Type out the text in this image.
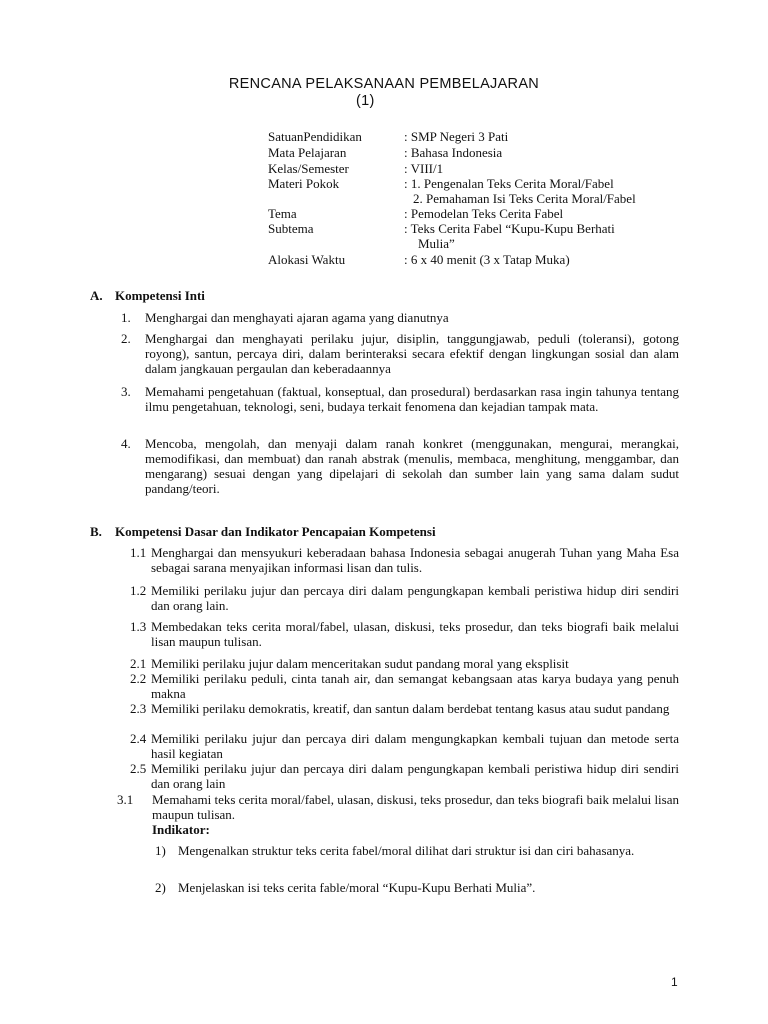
RENCANA PELAKSANAAN PEMBELAJARAN
(1)
SatuanPendidikan	: SMP Negeri 3 Pati
Mata Pelajaran	: Bahasa Indonesia
Kelas/Semester	: VIII/1
Materi Pokok	: 1. Pengenalan Teks Cerita Moral/Fabel
2. Pemahaman Isi Teks Cerita Moral/Fabel
Tema	: Pemodelan Teks Cerita Fabel
Subtema	: Teks Cerita Fabel “Kupu-Kupu Berhati
Mulia”
Alokasi Waktu	: 6 x 40 menit (3 x Tatap Muka)
A. Kompetensi Inti
1. Menghargai dan menghayati ajaran agama yang dianutnya
2. Menghargai dan menghayati perilaku jujur, disiplin, tanggungjawab, peduli (toleransi), gotong royong), santun, percaya diri, dalam berinteraksi secara efektif dengan lingkungan sosial dan alam dalam jangkauan pergaulan dan keberadaannya
3. Memahami pengetahuan (faktual, konseptual, dan prosedural) berdasarkan rasa ingin tahunya tentang ilmu pengetahuan, teknologi, seni, budaya terkait fenomena dan kejadian tampak mata.
4. Mencoba, mengolah, dan menyaji dalam ranah konkret (menggunakan, mengurai, merangkai, memodifikasi, dan membuat) dan ranah abstrak (menulis, membaca, menghitung, menggambar, dan mengarang) sesuai dengan yang dipelajari di sekolah dan sumber lain yang sama dalam sudut pandang/teori.
B. Kompetensi Dasar dan Indikator Pencapaian Kompetensi
1.1 Menghargai dan mensyukuri keberadaan bahasa Indonesia sebagai anugerah Tuhan yang Maha Esa sebagai sarana menyajikan informasi lisan dan tulis.
1.2 Memiliki perilaku jujur dan percaya diri dalam pengungkapan kembali peristiwa hidup diri sendiri dan orang lain.
1.3 Membedakan teks cerita moral/fabel, ulasan, diskusi, teks prosedur, dan teks biografi baik melalui lisan maupun tulisan.
2.1 Memiliki perilaku jujur dalam menceritakan sudut pandang moral yang eksplisit
2.2 Memiliki perilaku peduli, cinta tanah air, dan semangat kebangsaan atas karya budaya yang penuh makna
2.3 Memiliki perilaku demokratis, kreatif, dan santun dalam berdebat tentang kasus atau sudut pandang
2.4 Memiliki perilaku jujur dan percaya diri dalam mengungkapkan kembali tujuan dan metode serta hasil kegiatan
2.5 Memiliki perilaku jujur dan percaya diri dalam pengungkapan kembali peristiwa hidup diri sendiri dan orang lain
3.1 Memahami teks cerita moral/fabel, ulasan, diskusi, teks prosedur, dan teks biografi baik melalui lisan maupun tulisan.
Indikator:
1) Mengenalkan struktur teks cerita fabel/moral dilihat dari struktur isi dan ciri bahasanya.
2) Menjelaskan isi teks cerita fable/moral “Kupu-Kupu Berhati Mulia”.
1
